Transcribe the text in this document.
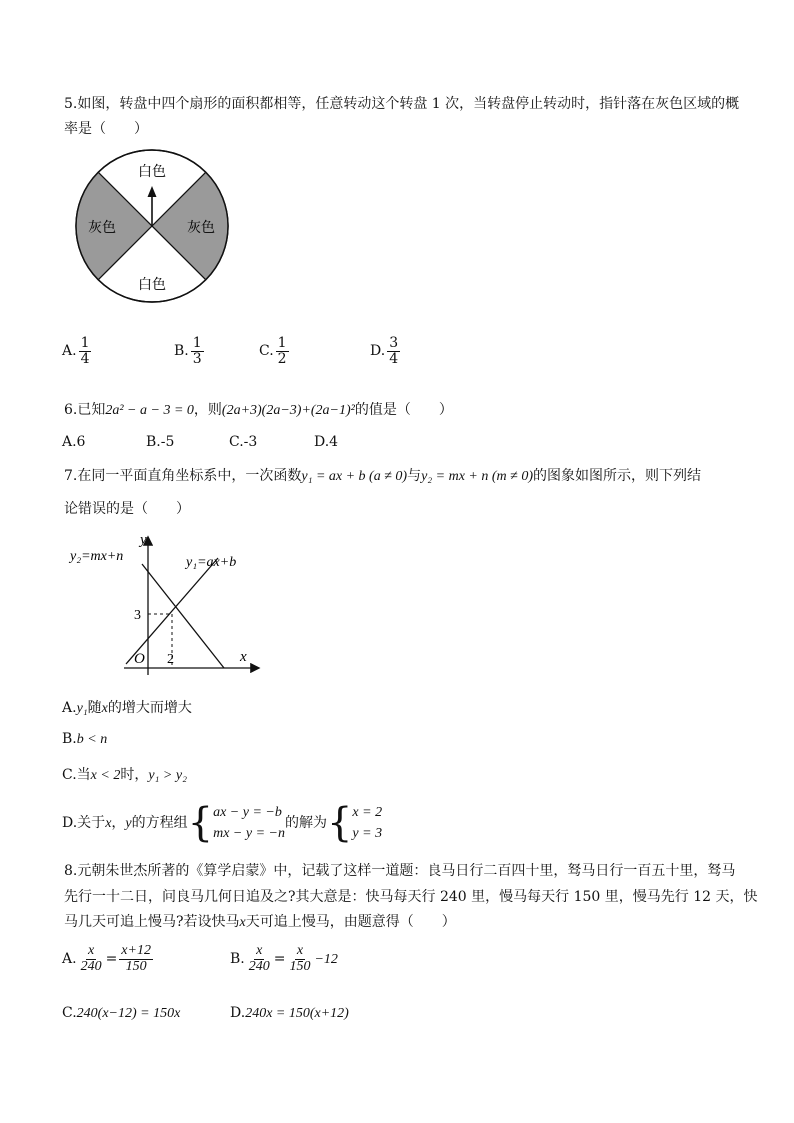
5.如图，转盘中四个扇形的面积都相等，任意转动这个转盘 1 次，当转盘停止转动时，指针落在灰色区域的概
率是（　　）
白色
白色
灰色	灰色
A. $\frac{1}{4}$	B. $\frac{1}{3}$	C. $\frac{1}{2}$	D. $\frac{3}{4}$
6.已知2a² − a − 3 = 0，则(2a+3)(2a−3)+(2a−1)²的值是（　　）
A.6	B.-5	C.-3	D.4
7.在同一平面直角坐标系中，一次函数y₁ = ax + b (a ≠ 0)与y₂ = mx + n (m ≠ 0)的图象如图所示，则下列结
论错误的是（　　）
y
x
O
3
2
y₂=mx+n	y₁=ax+b
A.y₁随x的增大而增大
B.b < n
C.当x < 2时，y₁ > y₂
D.关于x，y的方程组{ ax − y = −b
mx − y = −n
的解为{ x = 2
y = 3
8.元朝朱世杰所著的《算学启蒙》中，记载了这样一道题：良马日行二百四十里，驽马日行一百五十里，驽马
先行一十二日，问良马几何日追及之?其大意是：快马每天行 240 里，慢马每天行 150 里，慢马先行 12 天，快
马几天可追上慢马?若设快马x天可追上慢马，由题意得（　　）
A. $\frac{x}{240} = \frac{x+12}{150}$	B. $\frac{x}{240} = \frac{x}{150} -12$
C.240(x−12) = 150x	D.240x = 150(x+12)
